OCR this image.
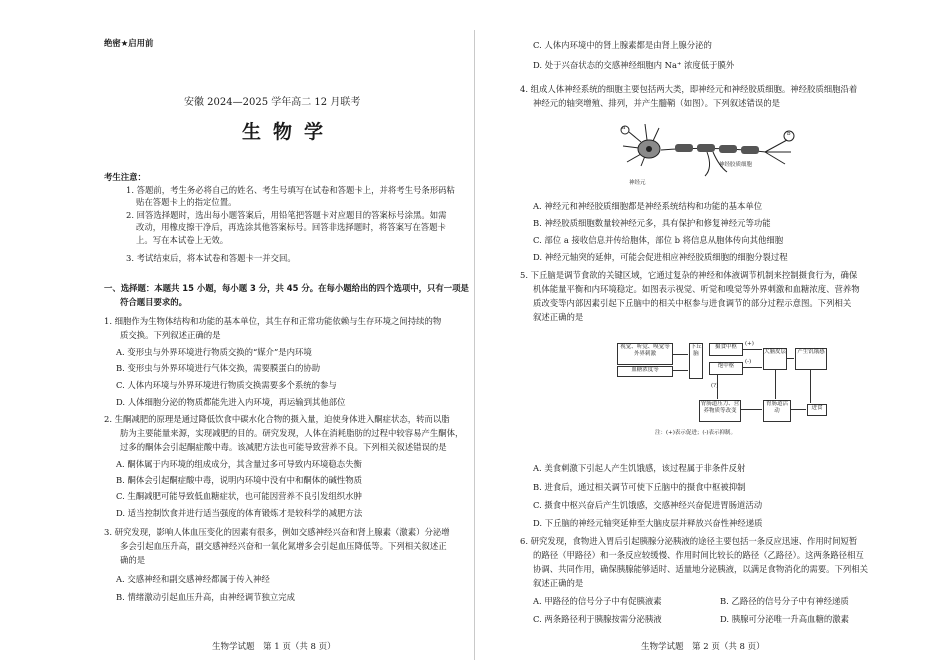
绝密★启用前
安徽 2024—2025 学年高二 12 月联考
生物学
考生注意：
1. 答题前，考生务必将自己的姓名、考生号填写在试卷和答题卡上，并将考生号条形码粘
贴在答题卡上的指定位置。
2. 回答选择题时，选出每小题答案后，用铅笔把答题卡对应题目的答案标号涂黑。如需
改动，用橡皮擦干净后，再选涂其他答案标号。回答非选择题时，将答案写在答题卡
上。写在本试卷上无效。
3. 考试结束后，将本试卷和答题卡一并交回。
一、选择题：本题共 15 小题，每小题 3 分，共 45 分。在每小题给出的四个选项中，只有一项是
符合题目要求的。
1. 细胞作为生物体结构和功能的基本单位，其生存和正常功能依赖与生存环境之间持续的物
质交换。下列叙述正确的是
A. 变形虫与外界环境进行物质交换的“媒介”是内环境
B. 变形虫与外界环境进行气体交换，需要膜蛋白的协助
C. 人体内环境与外界环境进行物质交换需要多个系统的参与
D. 人体细胞分泌的物质都能先进入内环境，再运输到其他部位
2. 生酮减肥的原理是通过降低饮食中碳水化合物的摄入量，迫使身体进入酮症状态，转而以脂
肪为主要能量来源，实现减肥的目的。研究发现，人体在消耗脂肪的过程中较容易产生酮体，
过多的酮体会引起酮症酸中毒。该减肥方法也可能导致营养不良。下列相关叙述错误的是
A. 酮体属于内环境的组成成分，其含量过多可导致内环境稳态失衡
B. 酮体会引起酮症酸中毒，说明内环境中没有中和酮体的碱性物质
C. 生酮减肥可能导致低血糖症状，也可能因营养不良引发组织水肿
D. 适当控制饮食并进行适当强度的体育锻炼才是较科学的减肥方法
3. 研究发现，影响人体血压变化的因素有很多，例如交感神经兴奋和肾上腺素（激素）分泌增
多会引起血压升高，副交感神经兴奋和一氧化氮增多会引起血压降低等。下列相关叙述正
确的是
A. 交感神经和副交感神经都属于传入神经
B. 情绪激动引起血压升高，由神经调节独立完成
生物学试题　第 1 页（共 8 页）
C. 人体内环境中的肾上腺素都是由肾上腺分泌的
D. 处于兴奋状态的交感神经细胞内 Na⁺ 浓度低于膜外
4. 组成人体神经系统的细胞主要包括两大类，即神经元和神经胶质细胞。神经胶质细胞沿着
神经元的轴突增殖、排列，并产生髓鞘（如图）。下列叙述错误的是
a
b
神经胶质细胞
神经元
A. 神经元和神经胶质细胞都是神经系统结构和功能的基本单位
B. 神经胶质细胞数量较神经元多，具有保护和修复神经元等功能
C. 部位 a 接收信息并传给胞体，部位 b 将信息从胞体传向其他细胞
D. 神经元轴突的延伸，可能会促进相应神经胶质细胞的细胞分裂过程
5. 下丘脑是调节食欲的关键区域，它通过复杂的神经和体液调节机制来控制摄食行为，确保
机体能量平衡和内环境稳定。如图表示视觉、听觉和嗅觉等外界刺激和血糖浓度、营养物
质改变等内部因素引起下丘脑中的相关中枢参与进食调节的部分过程示意图。下列相关
叙述正确的是
视觉、听觉、嗅觉等外界刺激
血糖浓度等
下丘脑
摄食中枢
饱中枢
大脑皮层	产生饥饿感
胃肠道压力、营养物质等改变
胃肠道活动	进食
(+)
(-)
(?)
注：(+)表示促进；(-)表示抑制。
A. 美食刺激下引起人产生饥饿感，该过程属于非条件反射
B. 进食后，通过相关调节可使下丘脑中的摄食中枢被抑制
C. 摄食中枢兴奋后产生饥饿感，交感神经兴奋促进胃肠道活动
D. 下丘脑的神经元轴突延伸至大脑皮层并释放兴奋性神经递质
6. 研究发现，食物进入胃后引起胰腺分泌胰液的途径主要包括一条反应迅速、作用时间短暂
的路径（甲路径）和一条反应较缓慢、作用时间比较长的路径（乙路径）。这两条路径相互
协调、共同作用，确保胰腺能够适时、适量地分泌胰液，以满足食物消化的需要。下列相关
叙述正确的是
A. 甲路径的信号分子中有促胰液素	B. 乙路径的信号分子中有神经递质
C. 两条路径利于胰腺按需分泌胰液	D. 胰腺可分泌唯一升高血糖的激素
生物学试题　第 2 页（共 8 页）
